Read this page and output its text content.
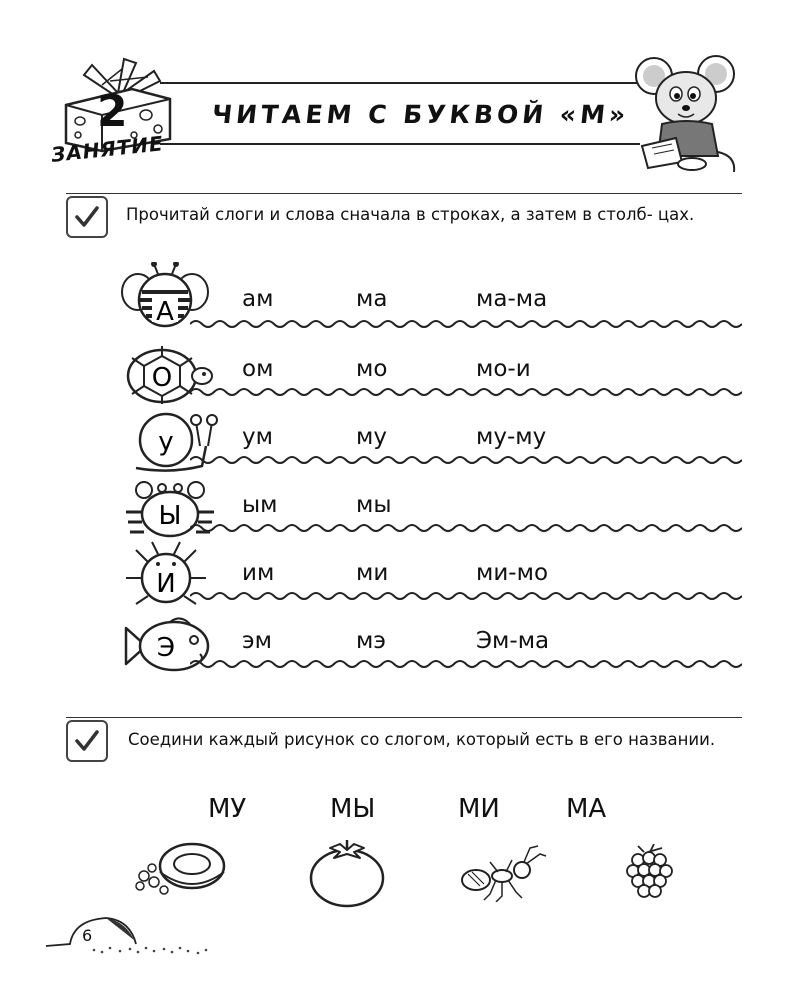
2
ЗАНЯТИЕ
ЧИТАЕМ С БУКВОЙ «М»
Прочитай слоги и слова сначала в строках, а затем в столб- цах.
А
О
у
Ы
И
Э
ам	ма	ма-ма
ом	мо	мо-и
ум	му	му-му
ым	мы
им	ми	ми-мо
эм	мэ	Эм-ма
Соедини каждый рисунок со слогом, который есть в его названии.
МУ	МЫ	МИ	МА
6
